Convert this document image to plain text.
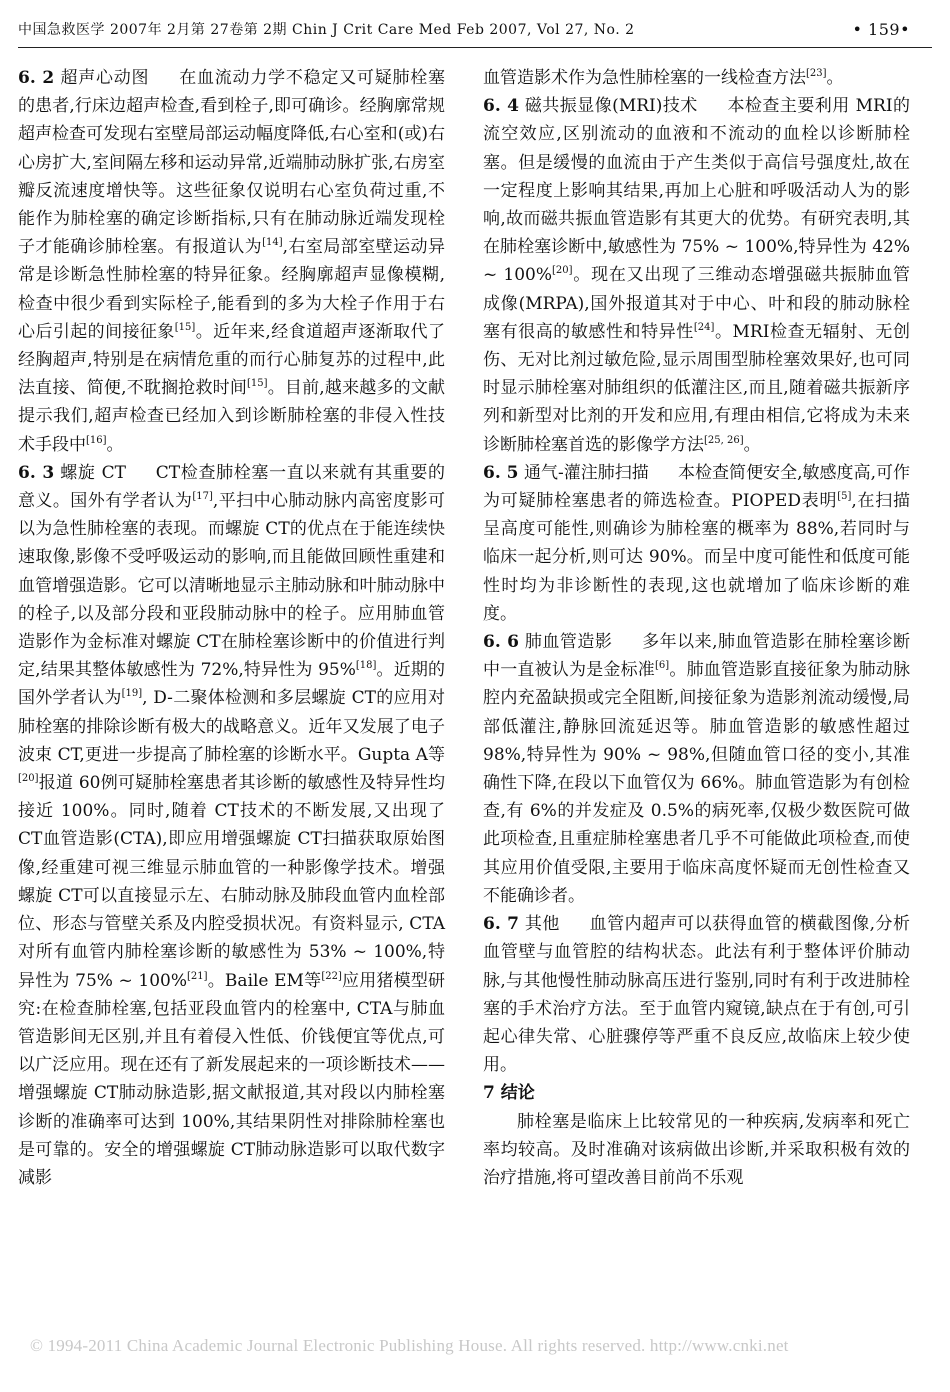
中国急救医学 2007年 2月第 27卷第 2期 Chin J Crit Care Med Feb 2007, Vol 27, No. 2	• 159•

6. 2 超声心动图 在血流动力学不稳定又可疑肺栓塞的患者,行床边超声检查,看到栓子,即可确诊。经胸廓常规超声检查可发现右室壁局部运动幅度降低,右心室和(或)右心房扩大,室间隔左移和运动异常,近端肺动脉扩张,右房室瓣反流速度增快等。这些征象仅说明右心室负荷过重,不能作为肺栓塞的确定诊断指标,只有在肺动脉近端发现栓子才能确诊肺栓塞。有报道认为[14],右室局部室壁运动异常是诊断急性肺栓塞的特异征象。经胸廓超声显像模糊,检查中很少看到实际栓子,能看到的多为大栓子作用于右心后引起的间接征象[15]。近年来,经食道超声逐渐取代了经胸超声,特别是在病情危重的而行心肺复苏的过程中,此法直接、简便,不耽搁抢救时间[15]。目前,越来越多的文献提示我们,超声检查已经加入到诊断肺栓塞的非侵入性技术手段中[16]。

6. 3 螺旋 CT CT检查肺栓塞一直以来就有其重要的意义。国外有学者认为[17],平扫中心肺动脉内高密度影可以为急性肺栓塞的表现。而螺旋 CT的优点在于能连续快速取像,影像不受呼吸运动的影响,而且能做回顾性重建和血管增强造影。它可以清晰地显示主肺动脉和叶肺动脉中的栓子,以及部分段和亚段肺动脉中的栓子。应用肺血管造影作为金标准对螺旋 CT在肺栓塞诊断中的价值进行判定,结果其整体敏感性为 72%,特异性为 95%[18]。近期的国外学者认为[19], D-二聚体检测和多层螺旋 CT的应用对肺栓塞的排除诊断有极大的战略意义。近年又发展了电子波束 CT,更进一步提高了肺栓塞的诊断水平。Gupta A等[20]报道 60例可疑肺栓塞患者其诊断的敏感性及特异性均接近 100%。同时,随着 CT技术的不断发展,又出现了 CT血管造影(CTA),即应用增强螺旋 CT扫描获取原始图像,经重建可视三维显示肺血管的一种影像学技术。增强螺旋 CT可以直接显示左、右肺动脉及肺段血管内血栓部位、形态与管壁关系及内腔受损状况。有资料显示, CTA对所有血管内肺栓塞诊断的敏感性为 53% ~ 100%,特异性为 75% ~ 100%[21]。Baile EM等[22]应用猪模型研究:在检查肺栓塞,包括亚段血管内的栓塞中, CTA与肺血管造影间无区别,并且有着侵入性低、价钱便宜等优点,可以广泛应用。现在还有了新发展起来的一项诊断技术——增强螺旋 CT肺动脉造影,据文献报道,其对段以内肺栓塞诊断的准确率可达到 100%,其结果阴性对排除肺栓塞也是可靠的。安全的增强螺旋 CT肺动脉造影可以取代数字减影

血管造影术作为急性肺栓塞的一线检查方法[23]。

6. 4 磁共振显像(MRI)技术 本检查主要利用 MRI的流空效应,区别流动的血液和不流动的血栓以诊断肺栓塞。但是缓慢的血流由于产生类似于高信号强度灶,故在一定程度上影响其结果,再加上心脏和呼吸活动人为的影响,故而磁共振血管造影有其更大的优势。有研究表明,其在肺栓塞诊断中,敏感性为 75% ~ 100%,特异性为 42% ~ 100%[20]。现在又出现了三维动态增强磁共振肺血管成像(MRPA),国外报道其对于中心、叶和段的肺动脉栓塞有很高的敏感性和特异性[24]。MRI检查无辐射、无创伤、无对比剂过敏危险,显示周围型肺栓塞效果好,也可同时显示肺栓塞对肺组织的低灌注区,而且,随着磁共振新序列和新型对比剂的开发和应用,有理由相信,它将成为未来诊断肺栓塞首选的影像学方法[25, 26]。

6. 5 通气-灌注肺扫描 本检查简便安全,敏感度高,可作为可疑肺栓塞患者的筛选检查。PIOPED表明[5],在扫描呈高度可能性,则确诊为肺栓塞的概率为 88%,若同时与临床一起分析,则可达 90%。而呈中度可能性和低度可能性时均为非诊断性的表现,这也就增加了临床诊断的难度。

6. 6 肺血管造影 多年以来,肺血管造影在肺栓塞诊断中一直被认为是金标准[6]。肺血管造影直接征象为肺动脉腔内充盈缺损或完全阻断,间接征象为造影剂流动缓慢,局部低灌注,静脉回流延迟等。肺血管造影的敏感性超过 98%,特异性为 90% ~ 98%,但随血管口径的变小,其准确性下降,在段以下血管仅为 66%。肺血管造影为有创检查,有 6%的并发症及 0.5%的病死率,仅极少数医院可做此项检查,且重症肺栓塞患者几乎不可能做此项检查,而使其应用价值受限,主要用于临床高度怀疑而无创性检查又不能确诊者。

6. 7 其他 血管内超声可以获得血管的横截图像,分析血管壁与血管腔的结构状态。此法有利于整体评价肺动脉,与其他慢性肺动脉高压进行鉴别,同时有利于改进肺栓塞的手术治疗方法。至于血管内窥镜,缺点在于有创,可引起心律失常、心脏骤停等严重不良反应,故临床上较少使用。

7 结论

肺栓塞是临床上比较常见的一种疾病,发病率和死亡率均较高。及时准确对该病做出诊断,并采取积极有效的治疗措施,将可望改善目前尚不乐观

© 1994-2011 China Academic Journal Electronic Publishing House. All rights reserved. http://www.cnki.net
